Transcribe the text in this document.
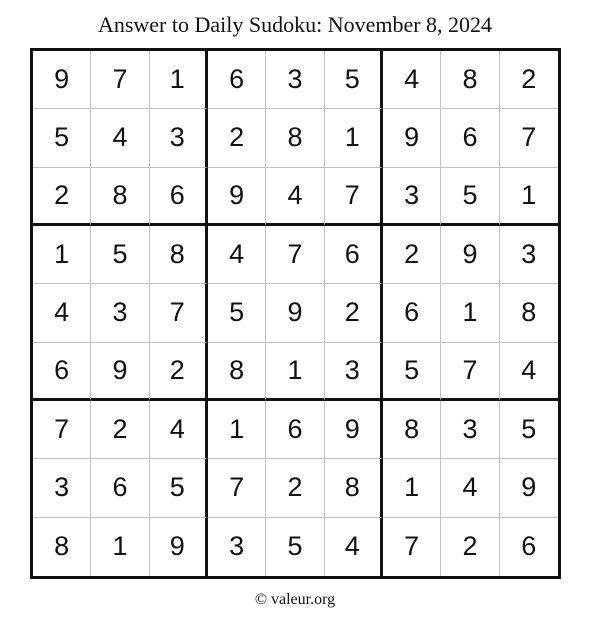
Answer to Daily Sudoku: November 8, 2024
9	7	1	6	3	5	4	8	2
5	4	3	2	8	1	9	6	7
2	8	6	9	4	7	3	5	1
1	5	8	4	7	6	2	9	3
4	3	7	5	9	2	6	1	8
6	9	2	8	1	3	5	7	4
7	2	4	1	6	9	8	3	5
3	6	5	7	2	8	1	4	9
8	1	9	3	5	4	7	2	6
© valeur.org
